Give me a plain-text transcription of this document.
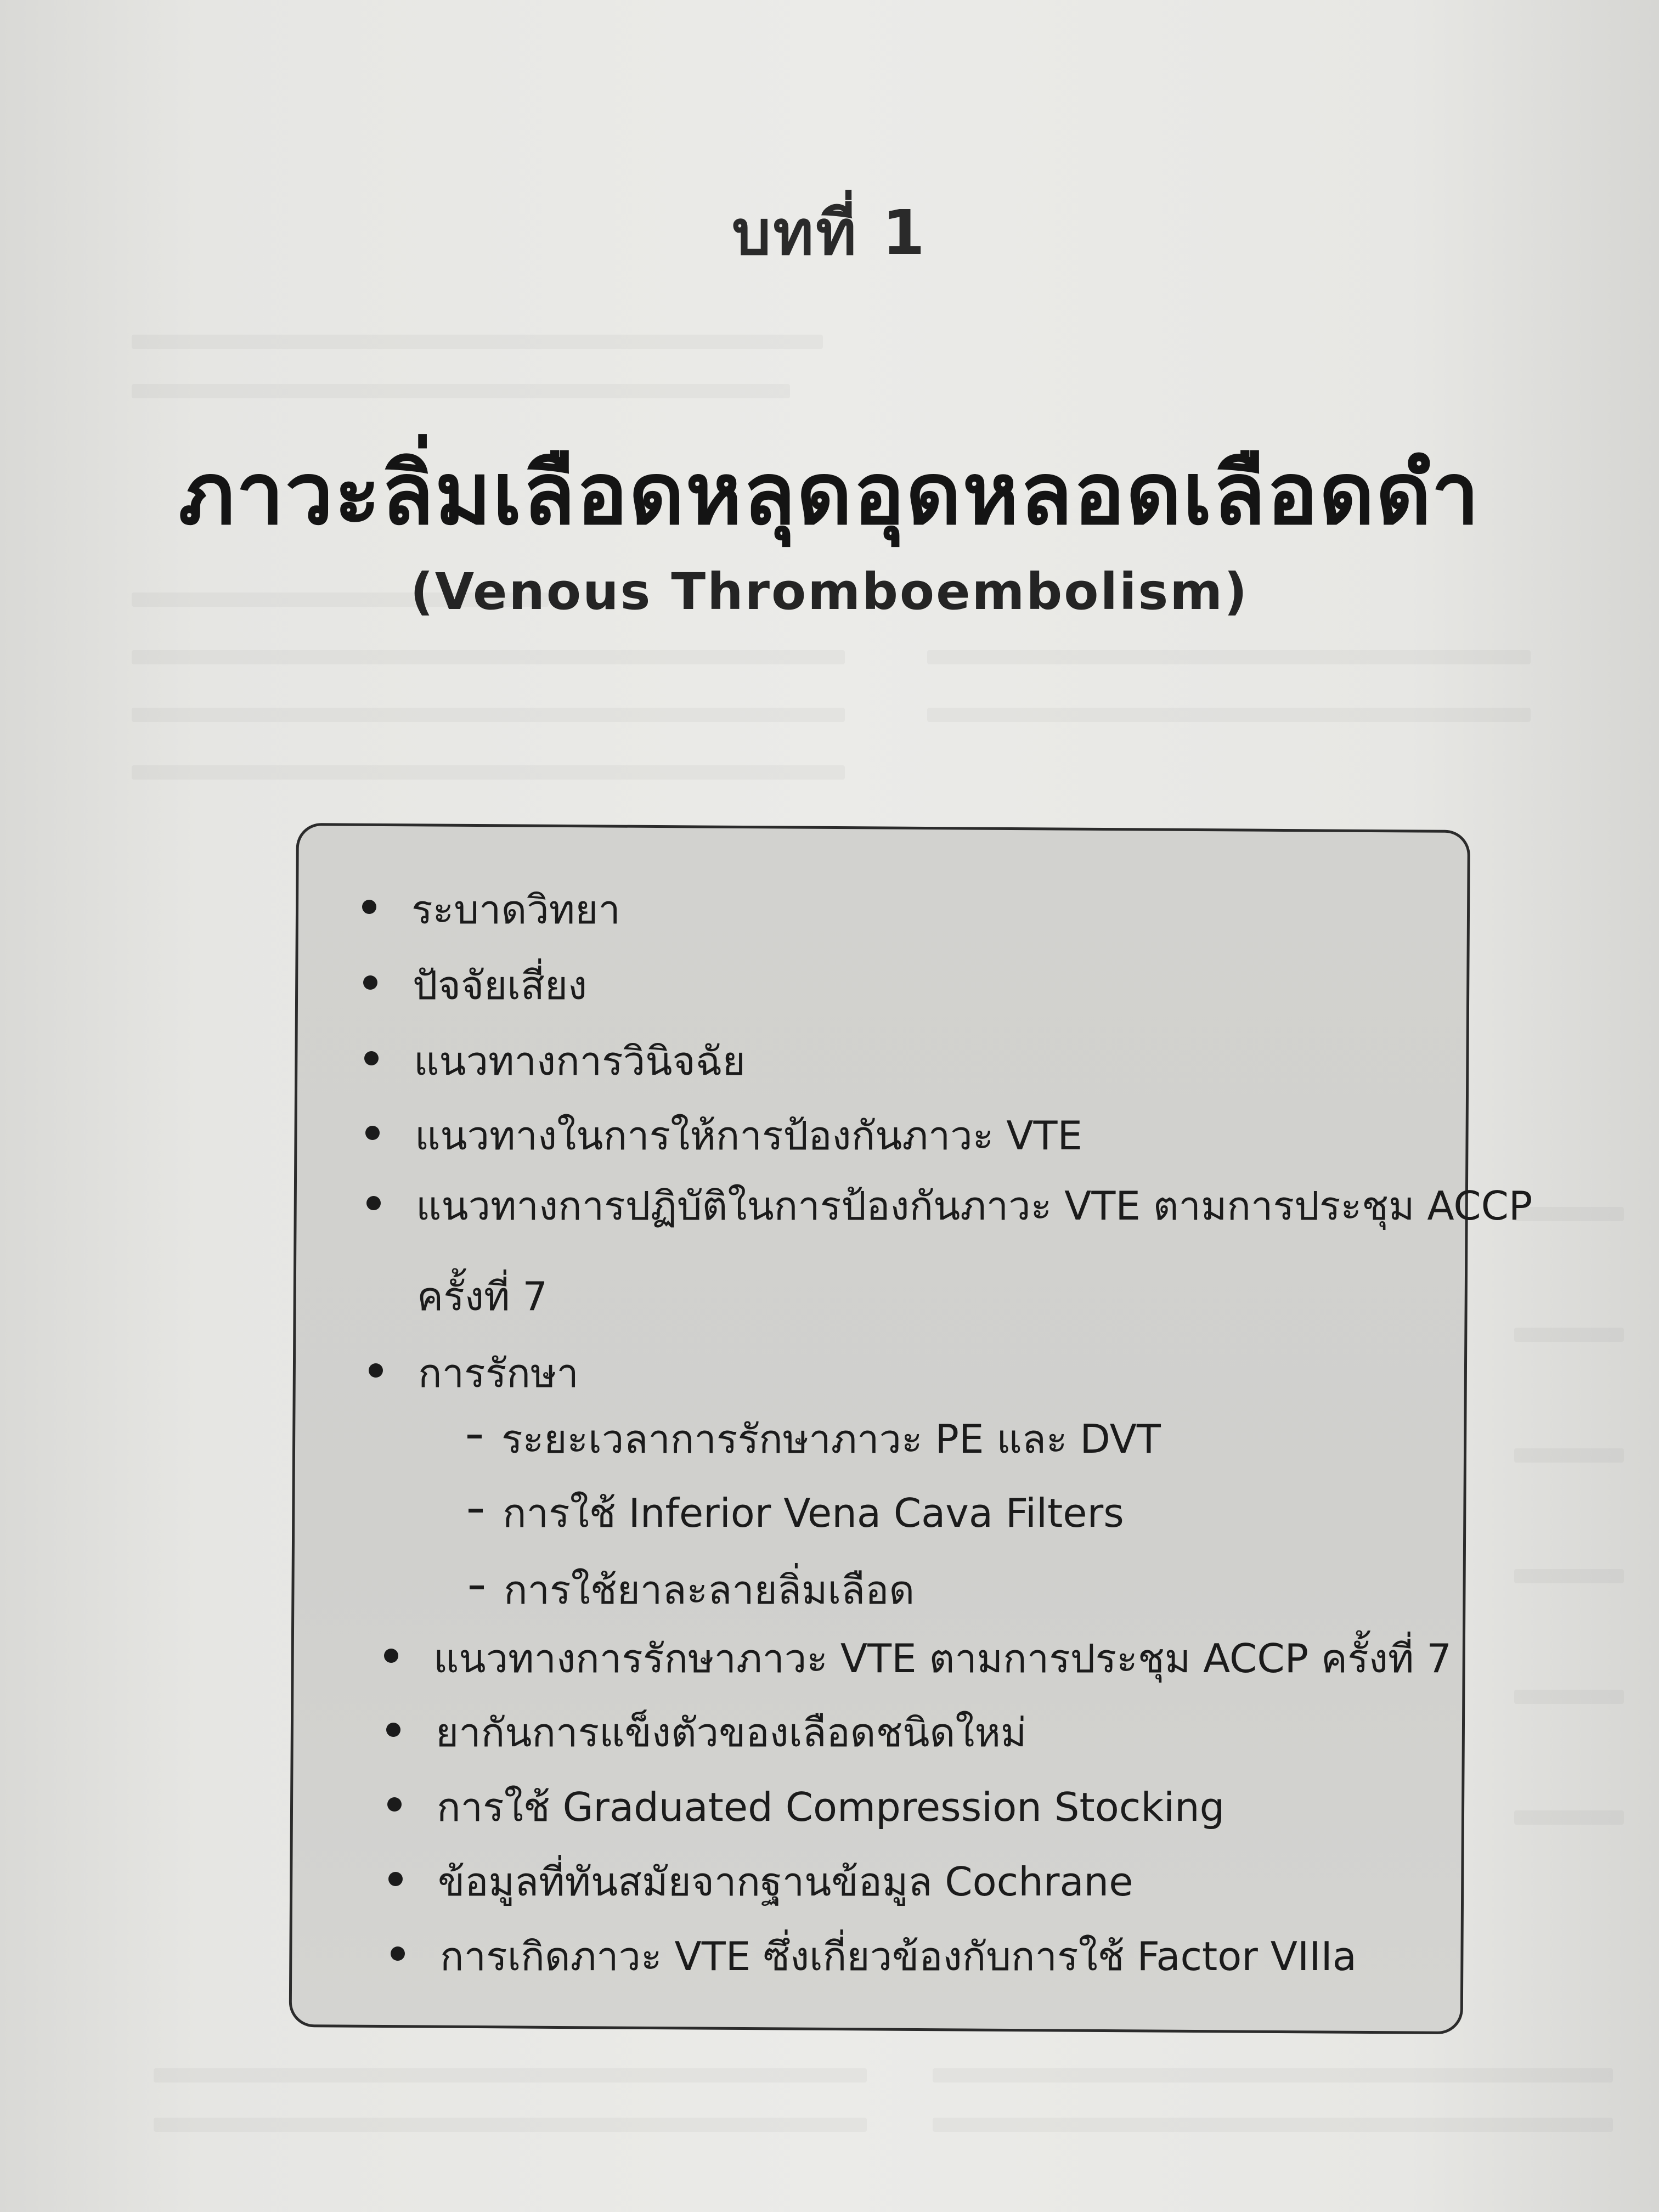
บทที่ 1
ภาวะลิ่มเลือดหลุดอุดหลอดเลือดดำ
(Venous Thromboembolism)
ระบาดวิทยา
ปัจจัยเสี่ยง
แนวทางการวินิจฉัย
แนวทางในการให้การป้องกันภาวะ VTE
แนวทางการปฏิบัติในการป้องกันภาวะ VTE ตามการประชุม ACCP
ครั้งที่ 7
การรักษา
ระยะเวลาการรักษาภาวะ PE และ DVT
การใช้ Inferior Vena Cava Filters
การใช้ยาละลายลิ่มเลือด
แนวทางการรักษาภาวะ VTE ตามการประชุม ACCP ครั้งที่ 7
ยากันการแข็งตัวของเลือดชนิดใหม่
การใช้ Graduated Compression Stocking
ข้อมูลที่ทันสมัยจากฐานข้อมูล Cochrane
การเกิดภาวะ VTE ซึ่งเกี่ยวข้องกับการใช้ Factor VIIIa
